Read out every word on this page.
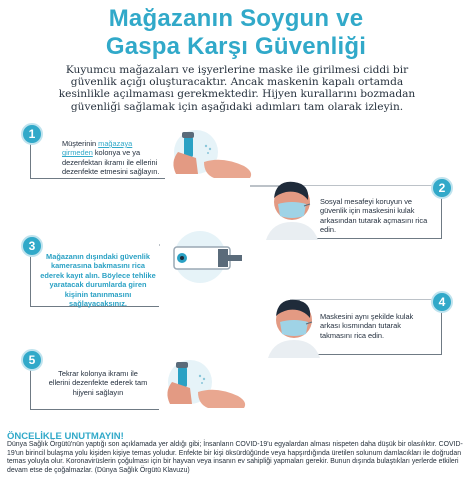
Mağazanın Soygun ve
Gaspa Karşı Güvenliği
Kuyumcu mağazaları ve işyerlerine maske ile girilmesi ciddi bir güvenlik açığı oluşturacaktır. Ancak maskenin kapalı ortamda kesinlikle açılmaması gerekmektedir. Hijyen kurallarını bozmadan güvenliği sağlamak için aşağıdaki adımları tam olarak izleyin.
1
Müşterinin mağazaya girmeden kolonya ve ya dezenfektan ikramı ile ellerini dezenfekte etmesini sağlayın.
2
Sosyal mesafeyi koruyun ve güvenlik için maskesini kulak arkasından tutarak açmasını rica edin.
3
Mağazanın dışındaki güvenlik kamerasına bakmasını rica ederek kayıt alın. Böylece tehlike yaratacak durumlarda giren kişinin tanınmasını sağlayacaksınız.	4
Maskesini aynı şekilde kulak arkası kısmından tutarak takmasını rica edin.
5
Tekrar kolonya ikramı ile ellerini dezenfekte ederek tam hijyeni sağlayın
ÖNCELİKLE UNUTMAYIN!
Dünya Sağlık Örgütü'nün yaptığı son açıklamada yer aldığı gibi; İnsanların COVID-19'u egyalardan alması nispeten daha düşük bir olasılıktır. COVID-19'un birincil bulaşma yolu kişiden kişiye temas yoludur. Enfekte bir kişi öksürdüğünde veya hapşırdığında üretilen solunum damlacıkları ile doğrudan temas yoluyla olur. Koronavirüslerin çoğulması için bir hayvan veya insanın ev sahipliği yapmaları gerekir. Bunun dışında bulaştıkları yerlerde etkileri devam etse de çoğalmazlar. (Dünya Sağlık Örgütü Klavuzu)
